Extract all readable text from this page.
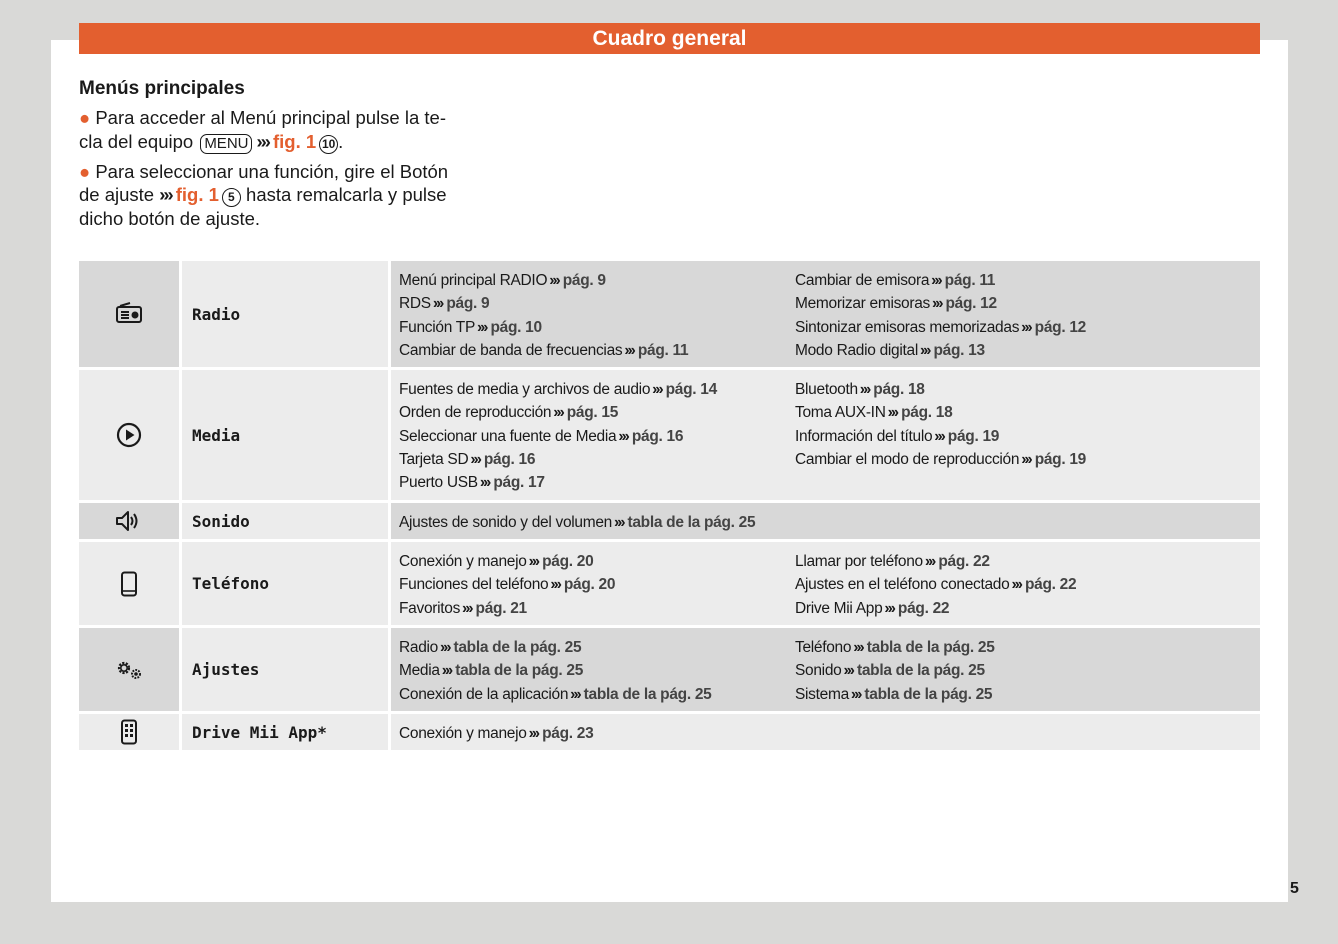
Cuadro general
Menús principales

● Para acceder al Menú principal pulse la te-
cla del equipo MENU ››› fig. 1 10 .

● Para seleccionar una función, gire el Botón
de ajuste ››› fig. 1 5 hasta remalcarla y pulse
dicho botón de ajuste.

Radio
Menú principal RADIO ››› pág. 9
RDS ››› pág. 9
Función TP ››› pág. 10
Cambiar de banda de frecuencias ››› pág. 11
Cambiar de emisora ››› pág. 11
Memorizar emisoras ››› pág. 12
Sintonizar emisoras memorizadas ››› pág. 12
Modo Radio digital ››› pág. 13
Media
Fuentes de media y archivos de audio ››› pág. 14
Orden de reproducción ››› pág. 15
Seleccionar una fuente de Media ››› pág. 16
Tarjeta SD ››› pág. 16
Puerto USB ››› pág. 17
Bluetooth ››› pág. 18
Toma AUX-IN ››› pág. 18
Información del título ››› pág. 19
Cambiar el modo de reproducción ››› pág. 19
Sonido	Ajustes de sonido y del volumen ››› tabla de la pág. 25
Teléfono
Conexión y manejo ››› pág. 20
Funciones del teléfono ››› pág. 20
Favoritos ››› pág. 21
Llamar por teléfono ››› pág. 22
Ajustes en el teléfono conectado ››› pág. 22
Drive Mii App ››› pág. 22
Ajustes
Radio ››› tabla de la pág. 25
Media ››› tabla de la pág. 25
Conexión de la aplicación ››› tabla de la pág. 25
Teléfono ››› tabla de la pág. 25
Sonido ››› tabla de la pág. 25
Sistema ››› tabla de la pág. 25
Drive Mii App*	Conexión y manejo ››› pág. 23
5
